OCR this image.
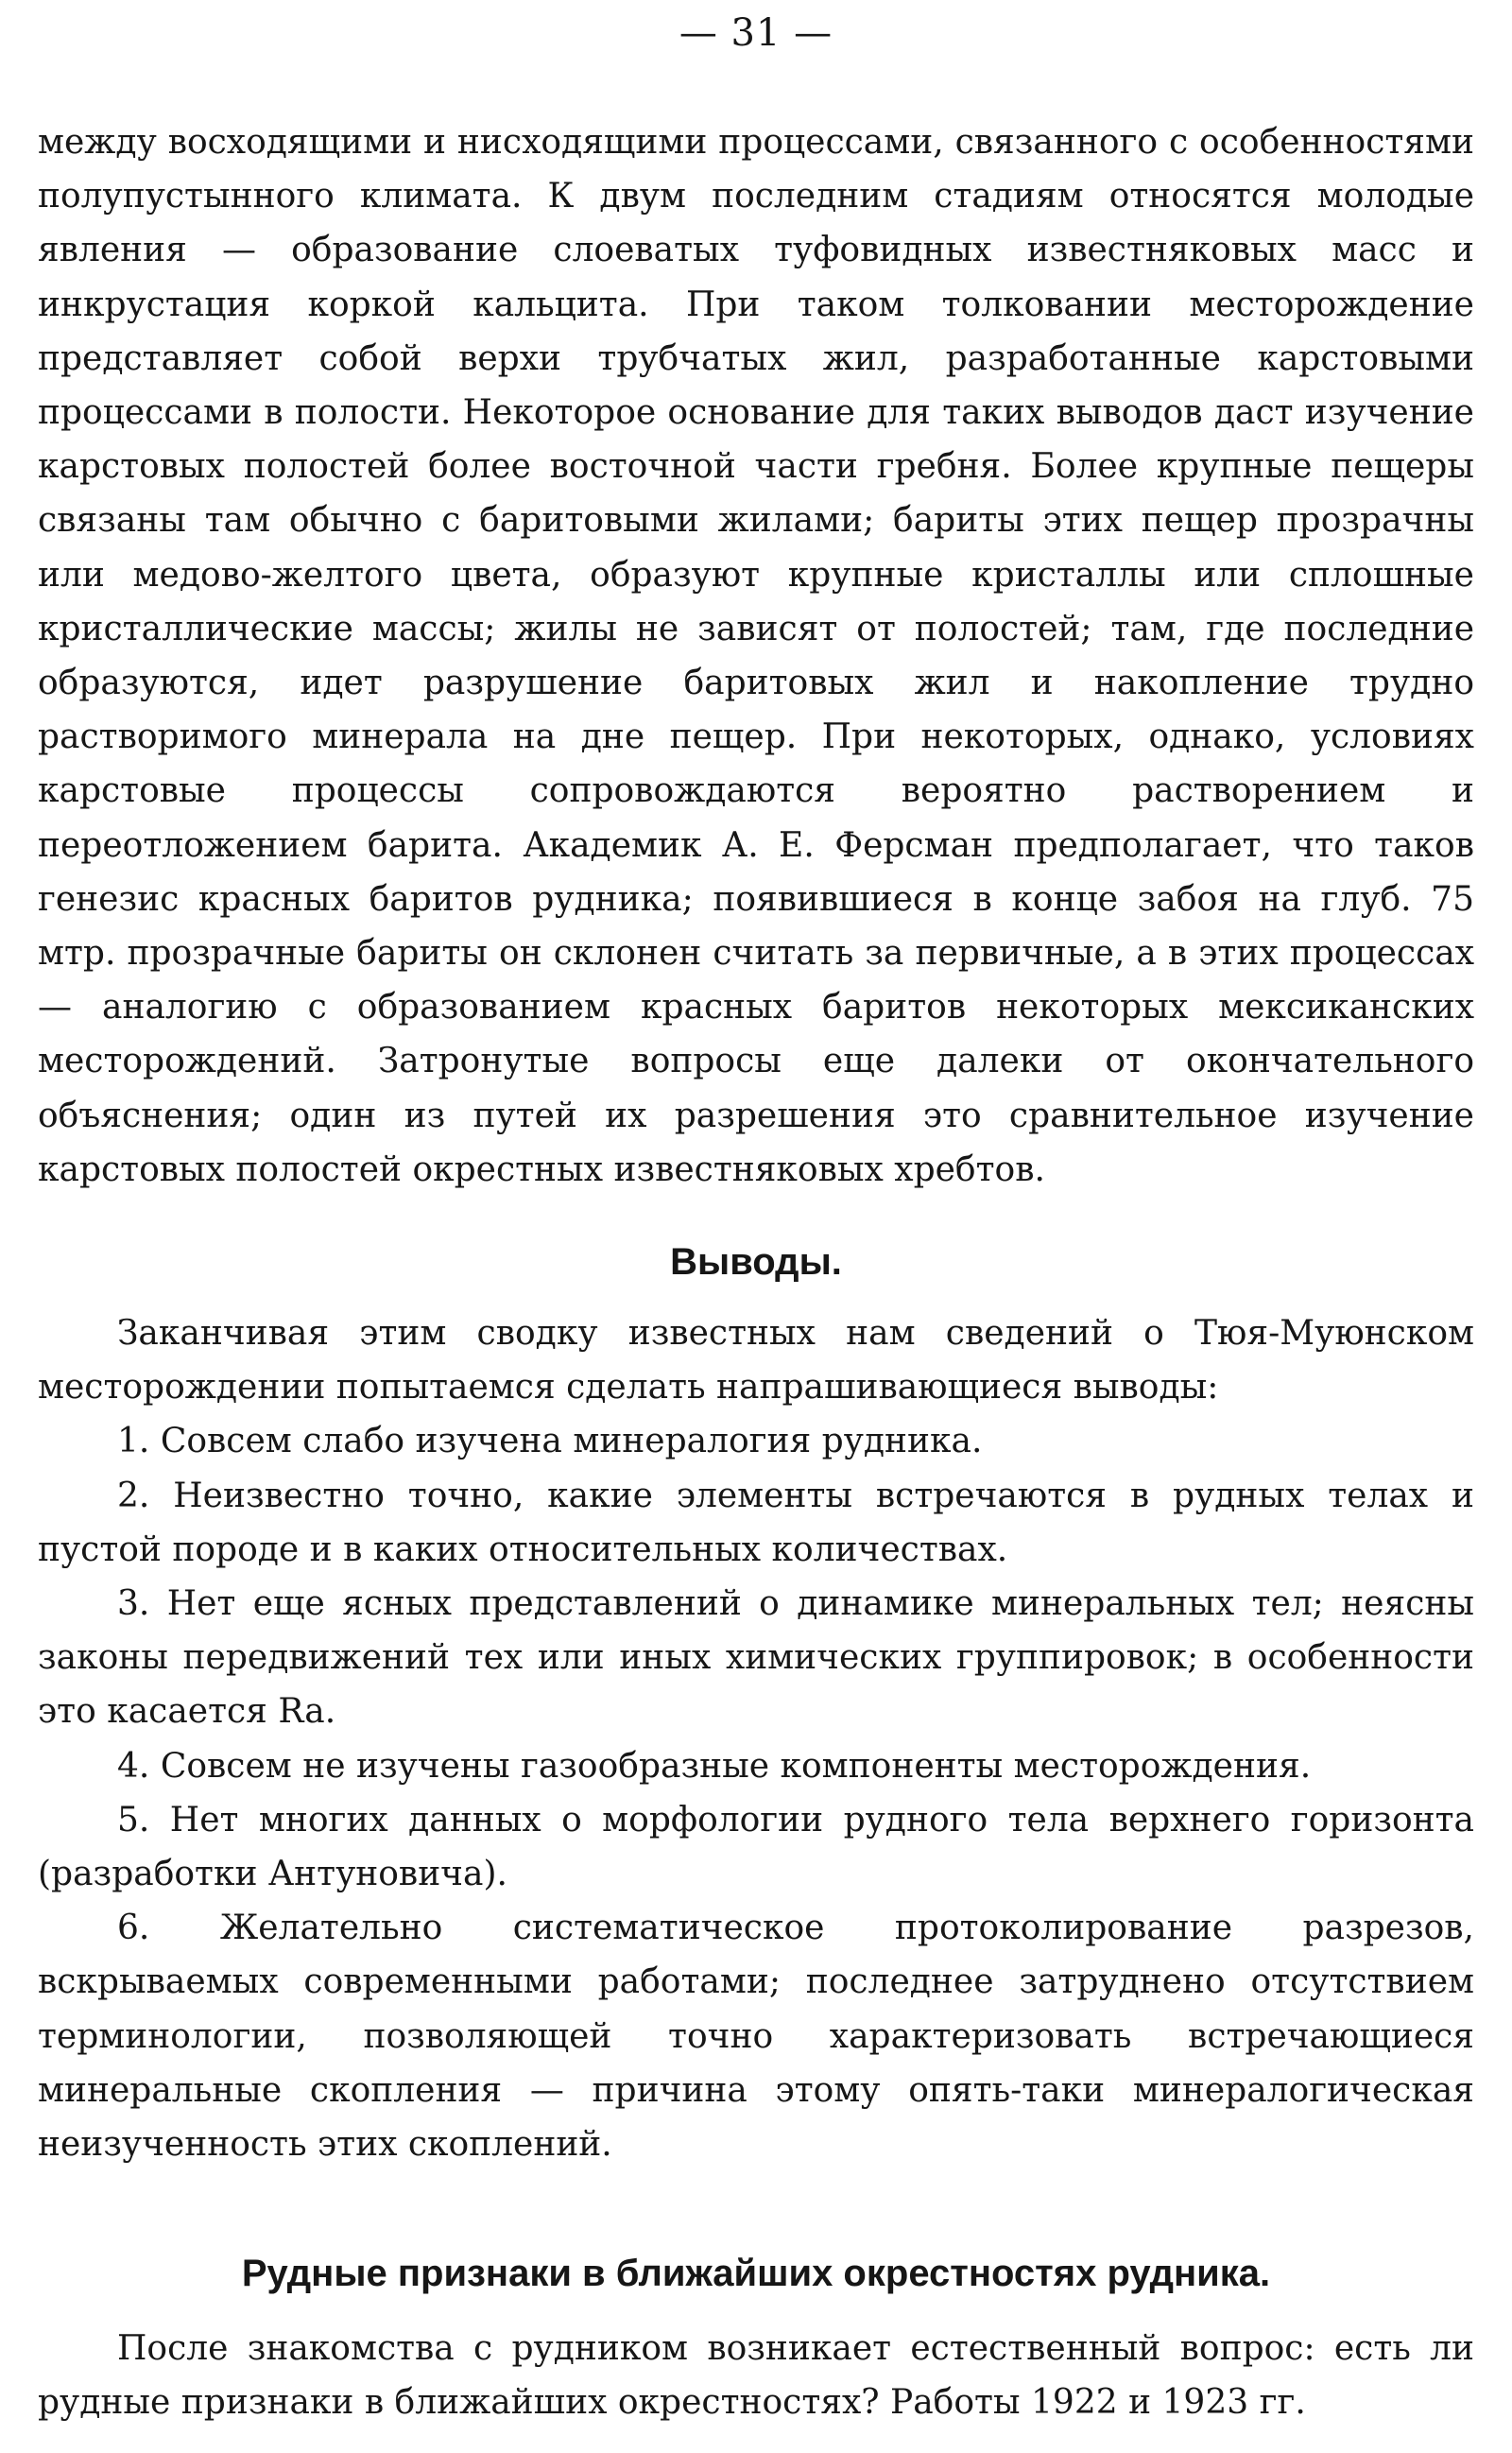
— 31 —

между восходящими и нисходящими процессами, связанного с особенностями полупустынного климата. К двум последним стадиям относятся молодые явления — образование слоеватых туфовидных известняковых масс и инкрустация коркой кальцита. При таком толковании месторождение представляет собой верхи трубчатых жил, разработанные карстовыми процессами в полости. Некоторое основание для таких выводов даст изучение карстовых полостей более восточной части гребня. Более крупные пещеры связаны там обычно с баритовыми жилами; бариты этих пещер прозрачны или медово-желтого цвета, образуют крупные кристаллы или сплошные кристаллические массы; жилы не зависят от полостей; там, где последние образуются, идет разрушение баритовых жил и накопление трудно растворимого минерала на дне пещер. При некоторых, однако, условиях карстовые процессы сопровождаются вероятно растворением и переотложением барита. Академик А. Е. Ферсман предполагает, что таков генезис красных баритов рудника; появившиеся в конце забоя на глуб. 75 мтр. прозрачные бариты он склонен считать за первичные, а в этих процессах — аналогию с образованием красных баритов некоторых мексиканских месторождений. Затронутые вопросы еще далеки от окончательного объяснения; один из путей их разрешения это сравнительное изучение карстовых полостей окрестных известняковых хребтов.

Выводы.

Заканчивая этим сводку известных нам сведений о Тюя-Муюнском месторождении попытаемся сделать напрашивающиеся выводы:

1. Совсем слабо изучена минералогия рудника.

2. Неизвестно точно, какие элементы встречаются в рудных телах и пустой породе и в каких относительных количествах.

3. Нет еще ясных представлений о динамике минеральных тел; неясны законы передвижений тех или иных химических группировок; в особенности это касается Ra.

4. Совсем не изучены газообразные компоненты месторождения.

5. Нет многих данных о морфологии рудного тела верхнего горизонта (разработки Антуновича).

6. Желательно систематическое протоколирование разрезов, вскрываемых современными работами; последнее затруднено отсутствием терминологии, позволяющей точно характеризовать встречающиеся минеральные скопления — причина этому опять-таки минералогическая неизученность этих скоплений.

Рудные признаки в ближайших окрестностях рудника.

После знакомства с рудником возникает естественный вопрос: есть ли рудные признаки в ближайших окрестностях? Работы 1922 и 1923 гг.
